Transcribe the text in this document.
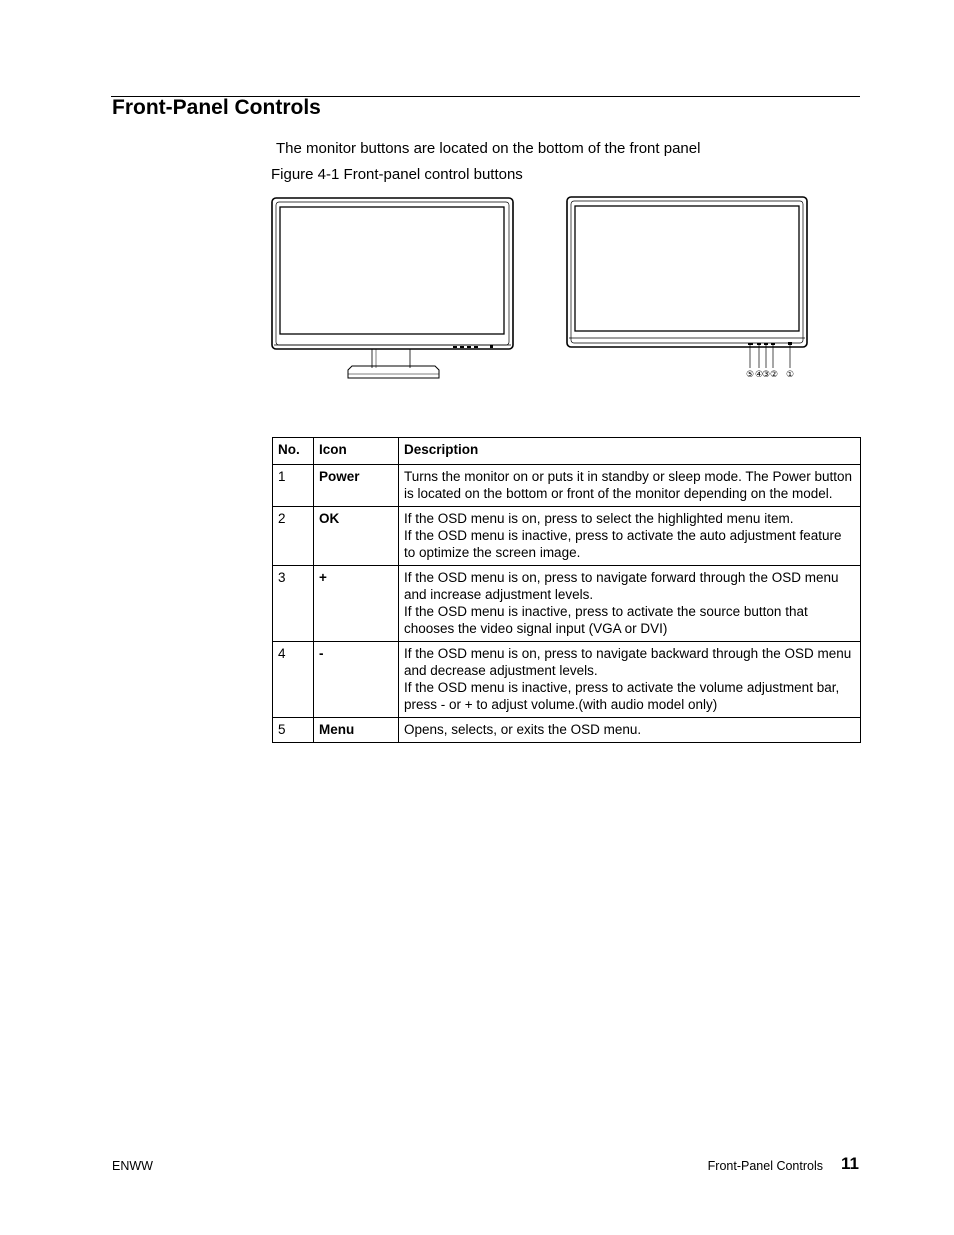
Front-Panel Controls
The monitor buttons are located on the bottom of the front panel
Figure 4-1 Front-panel control buttons
⑤ ④
③ ② ①
No.	Icon	Description
1	Power	Turns the monitor on or puts it in standby or sleep mode. The Power button is located on the bottom or front of the monitor depending on the model.

2	OK	If the OSD menu is on, press to select the highlighted menu item.
If the OSD menu is inactive, press to activate the auto adjustment feature to optimize the screen image.

3	+	If the OSD menu is on, press to navigate forward through the OSD menu and increase adjustment levels.
If the OSD menu is inactive, press to activate the source button that chooses the video signal input (VGA or DVI)

4	-	If the OSD menu is on, press to navigate backward through the OSD menu and decrease adjustment levels.
If the OSD menu is inactive, press to activate the volume adjustment bar, press - or + to adjust volume.(with audio model only)

5	Menu	Opens, selects, or exits the OSD menu.
ENWW	Front-Panel Controls 11
